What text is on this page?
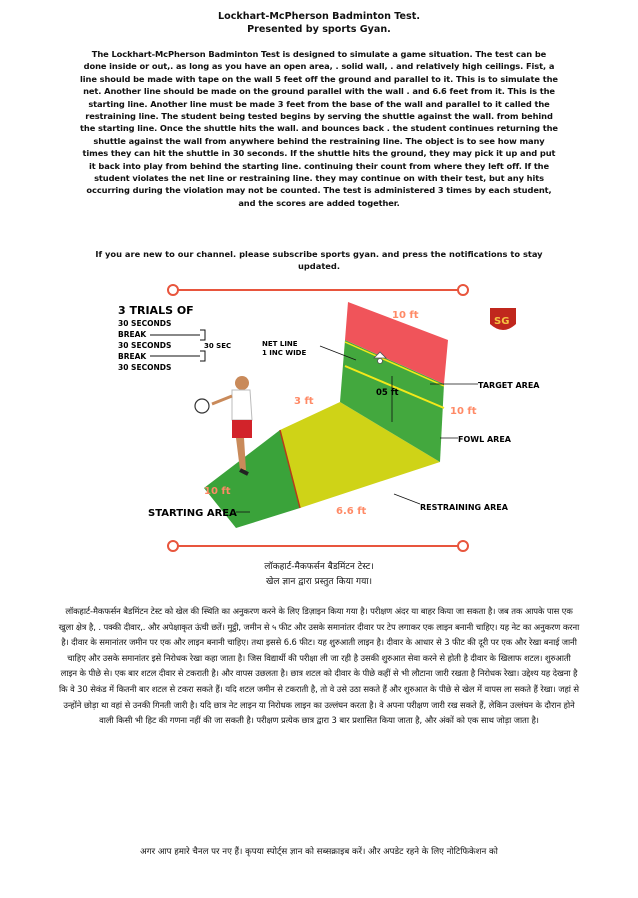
Lockhart-McPherson Badminton Test.
Presented by sports Gyan.
The Lockhart-McPherson Badminton Test is designed to simulate a game situation. The test can be done inside or out,. as long as you have an open area, . solid wall, . and relatively high ceilings. Fist, a line should be made with tape on the wall 5 feet off the ground and parallel to it. This is to simulate the net. Another line should be made on the ground parallel with the wall . and 6.6 feet from it. This is the starting line. Another line must be made 3 feet from the base of the wall and parallel to it called the restraining line. The student being tested begins by serving the shuttle against the wall. from behind the starting line. Once the shuttle hits the wall. and bounces back . the student continues returning the shuttle against the wall from anywhere behind the restraining line. The object is to see how many times they can hit the shuttle in 30 seconds. If the shuttle hits the ground, they may pick it up and put it back into play from behind the starting line. continuing their count from where they left off. If the student violates the net line or restraining line. they may continue on with their test, but any hits occurring during the violation may not be counted. The test is administered 3 times by each student, and the scores are added together.
If you are new to our channel. please subscribe sports gyan. and press the notifications to stay updated.
3 TRIALS OF
30 SECONDS
BREAK
30 SECONDS
BREAK
30 SECONDS
30 SEC
SG
10 ft
NET LINE
1 INC WIDE
TARGET AREA
05 ft
10 ft
FOWL AREA
3 ft
10 ft
STARTING AREA	6.6 ft	RESTRAINING AREA
लॉकहार्ट-मैकफर्सन बैडमिंटन टेस्ट।
खेल ज्ञान द्वारा प्रस्तुत किया गया।
लॉकहार्ट-मैकफर्सन बैडमिंटन टेस्ट को खेल की स्थिति का अनुकरण करने के लिए डिज़ाइन किया गया है। परीक्षण अंदर या बाहर किया जा सकता है। जब तक आपके पास एक खुला क्षेत्र है, . पक्की दीवार,. और अपेक्षाकृत ऊंची छतें। मुट्ठी, जमीन से ५ फीट और उसके समानांतर दीवार पर टेप लगाकर एक लाइन बनानी चाहिए। यह नेट का अनुकरण करना है। दीवार के समानांतर जमीन पर एक और लाइन बनानी चाहिए। तथा इससे 6.6 फीट। यह शुरुआती लाइन है। दीवार के आधार से 3 फीट की दूरी पर एक और रेखा बनाई जानी चाहिए और उसके समानांतर इसे निरोधक रेखा कहा जाता है। जिस विद्यार्थी की परीक्षा ली जा रही है उसकी शुरुआत सेवा करने से होती है दीवार के खिलाफ शटल। शुरुआती लाइन के पीछे से। एक बार शटल दीवार से टकराती है। और वापस उछलता है। छात्र शटल को दीवार के पीछे कहीं से भी लौटाना जारी रखता है निरोधक रेखा। उद्देश्य यह देखना है कि वे 30 सेकंड में कितनी बार शटल से टकरा सकते हैं। यदि शटल जमीन से टकराती है, तो वे उसे उठा सकते हैं और शुरुआत के पीछे से खेल में वापस ला सकते हैं रेखा। जहां से उन्होंने छोड़ा था वहां से उनकी गिनती जारी है। यदि छात्र नेट लाइन या निरोधक लाइन का उल्लंघन करता है। वे अपना परीक्षण जारी रख सकते हैं, लेकिन उल्लंघन के दौरान होने वाली किसी भी हिट की गणना नहीं की जा सकती है। परीक्षण प्रत्येक छात्र द्वारा 3 बार प्रशासित किया जाता है, और अंकों को एक साथ जोड़ा जाता है।
अगर आप हमारे चैनल पर नए हैं। कृपया स्पोर्ट्स ज्ञान को सब्सक्राइब करें। और अपडेट रहने के लिए नोटिफिकेशन को
